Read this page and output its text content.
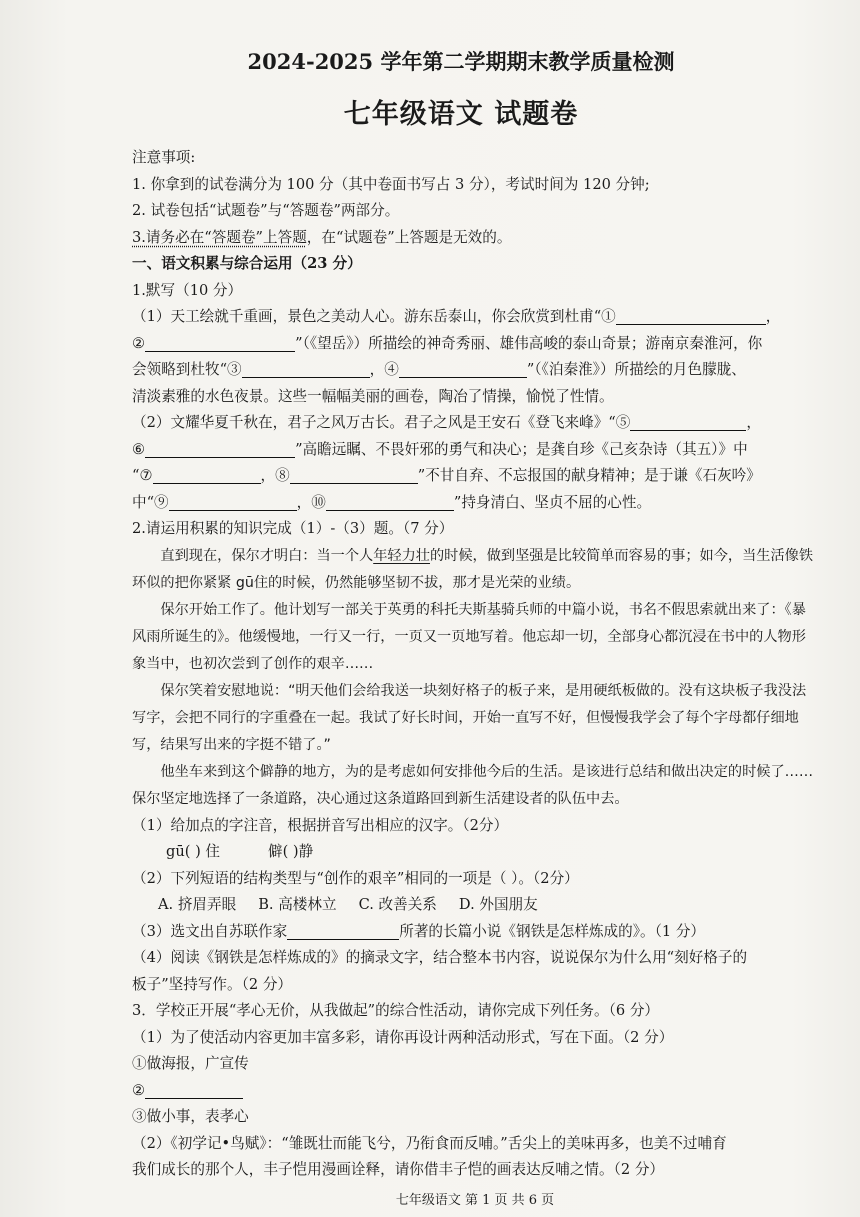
2024-2025 学年第二学期期末教学质量检测
七年级语文 试题卷
注意事项:
1. 你拿到的试卷满分为 100 分（其中卷面书写占 3 分），考试时间为 120 分钟;
2. 试卷包括“试题卷”与“答题卷”两部分。
3.请务必在“答题卷”上答题，在“试题卷”上答题是无效的。
一、语文积累与综合运用（23 分）
1.默写（10 分）
（1）天工绘就千重画，景色之美动人心。游东岳泰山，你会欣赏到杜甫“①	，
②	”（《望岳》）所描绘的神奇秀丽、雄伟高峻的泰山奇景；游南京秦淮河，你
会领略到杜牧“③	，④	”（《泊秦淮》）所描绘的月色朦胧、
清淡素雅的水色夜景。这些一幅幅美丽的画卷，陶冶了情操，愉悦了性情。
（2）文耀华夏千秋在，君子之风万古长。君子之风是王安石《登飞来峰》“⑤	，
⑥	”高瞻远瞩、不畏奸邪的勇气和决心；是龚自珍《己亥杂诗（其五）》中
“⑦	，⑧	”不甘自弃、不忘报国的献身精神；是于谦《石灰吟》
中“⑨	，⑩	”持身清白、坚贞不屈的心性。
2.请运用积累的知识完成（1）-（3）题。（7 分）
直到现在，保尔才明白：当一个人年轻力壮的时候，做到坚强是比较简单而容易的事；如今，当生活像铁环似的把你紧紧 gū住的时候，仍然能够坚韧不拔，那才是光荣的业绩。
保尔开始工作了。他计划写一部关于英勇的科托夫斯基骑兵师的中篇小说，书名不假思索就出来了：《暴风雨所诞生的》。他缓慢地，一行又一行，一页又一页地写着。他忘却一切，全部身心都沉浸在书中的人物形象当中，也初次尝到了创作的艰辛……
保尔笑着安慰地说：“明天他们会给我送一块刻好格子的板子来，是用硬纸板做的。没有这块板子我没法写字，会把不同行的字重叠在一起。我试了好长时间，开始一直写不好，但慢慢我学会了每个字母都仔细地写，结果写出来的字挺不错了。”
他坐车来到这个僻静的地方，为的是考虑如何安排他今后的生活。是该进行总结和做出决定的时候了……保尔坚定地选择了一条道路，决心通过这条道路回到新生活建设者的队伍中去。
（1）给加点的字注音，根据拼音写出相应的汉字。（2分）
gū( ) 住	僻( )静
（2）下列短语的结构类型与“创作的艰辛”相同的一项是（ ）。（2分）
A. 挤眉弄眼 B. 高楼林立 C. 改善关系 D. 外国朋友
（3）选文出自苏联作家	所著的长篇小说《钢铁是怎样炼成的》。（1 分）
（4）阅读《钢铁是怎样炼成的》的摘录文字，结合整本书内容，说说保尔为什么用“刻好格子的
板子”坚持写作。（2 分）
3．学校正开展“孝心无价，从我做起”的综合性活动，请你完成下列任务。（6 分）
（1）为了使活动内容更加丰富多彩，请你再设计两种活动形式，写在下面。（2 分）
①做海报，广宣传
②
③做小事，表孝心
（2）《初学记•鸟赋》：“雏既壮而能飞兮，乃衔食而反哺。”舌尖上的美味再多，也美不过哺育
我们成长的那个人，丰子恺用漫画诠释，请你借丰子恺的画表达反哺之情。（2 分）
七年级语文 第 1 页 共 6 页
